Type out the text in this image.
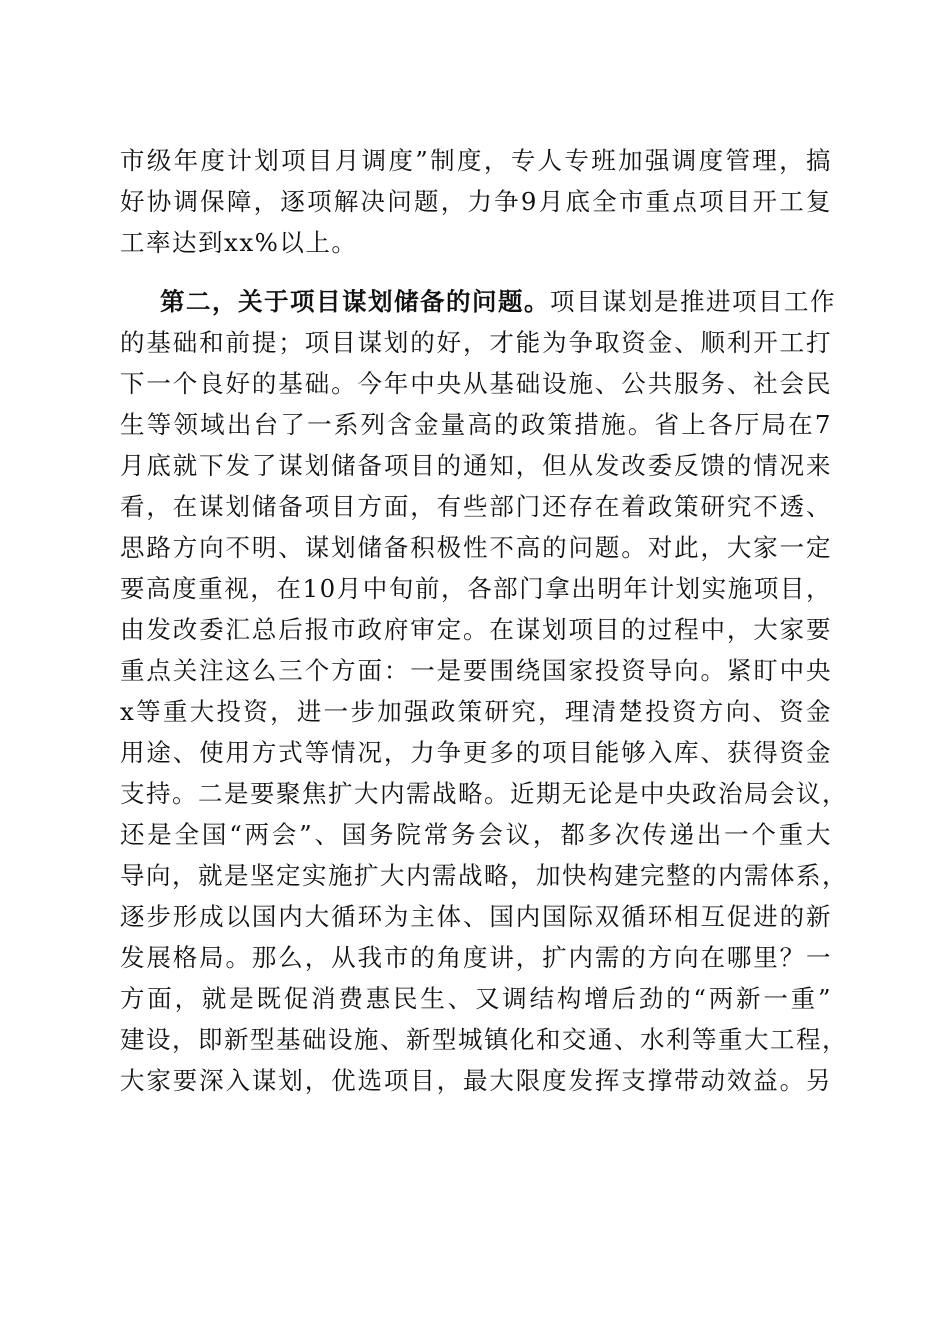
市级年度计划项目月调度”制度，专人专班加强调度管理，搞
好协调保障，逐项解决问题，力争9月底全市重点项目开工复
工率达到xx%以上。
第二，关于项目谋划储备的问题。项目谋划是推进项目工作
的基础和前提；项目谋划的好，才能为争取资金、顺利开工打
下一个良好的基础。今年中央从基础设施、公共服务、社会民
生等领域出台了一系列含金量高的政策措施。省上各厅局在7
月底就下发了谋划储备项目的通知，但从发改委反馈的情况来
看，在谋划储备项目方面，有些部门还存在着政策研究不透、
思路方向不明、谋划储备积极性不高的问题。对此，大家一定
要高度重视，在10月中旬前，各部门拿出明年计划实施项目，
由发改委汇总后报市政府审定。在谋划项目的过程中，大家要
重点关注这么三个方面：一是要围绕国家投资导向。紧盯中央
x等重大投资，进一步加强政策研究，理清楚投资方向、资金
用途、使用方式等情况，力争更多的项目能够入库、获得资金
支持。二是要聚焦扩大内需战略。近期无论是中央政治局会议，
还是全国“两会”、国务院常务会议，都多次传递出一个重大
导向，就是坚定实施扩大内需战略，加快构建完整的内需体系，
逐步形成以国内大循环为主体、国内国际双循环相互促进的新
发展格局。那么，从我市的角度讲，扩内需的方向在哪里？一
方面，就是既促消费惠民生、又调结构增后劲的“两新一重”
建设，即新型基础设施、新型城镇化和交通、水利等重大工程，
大家要深入谋划，优选项目，最大限度发挥支撑带动效益。另
